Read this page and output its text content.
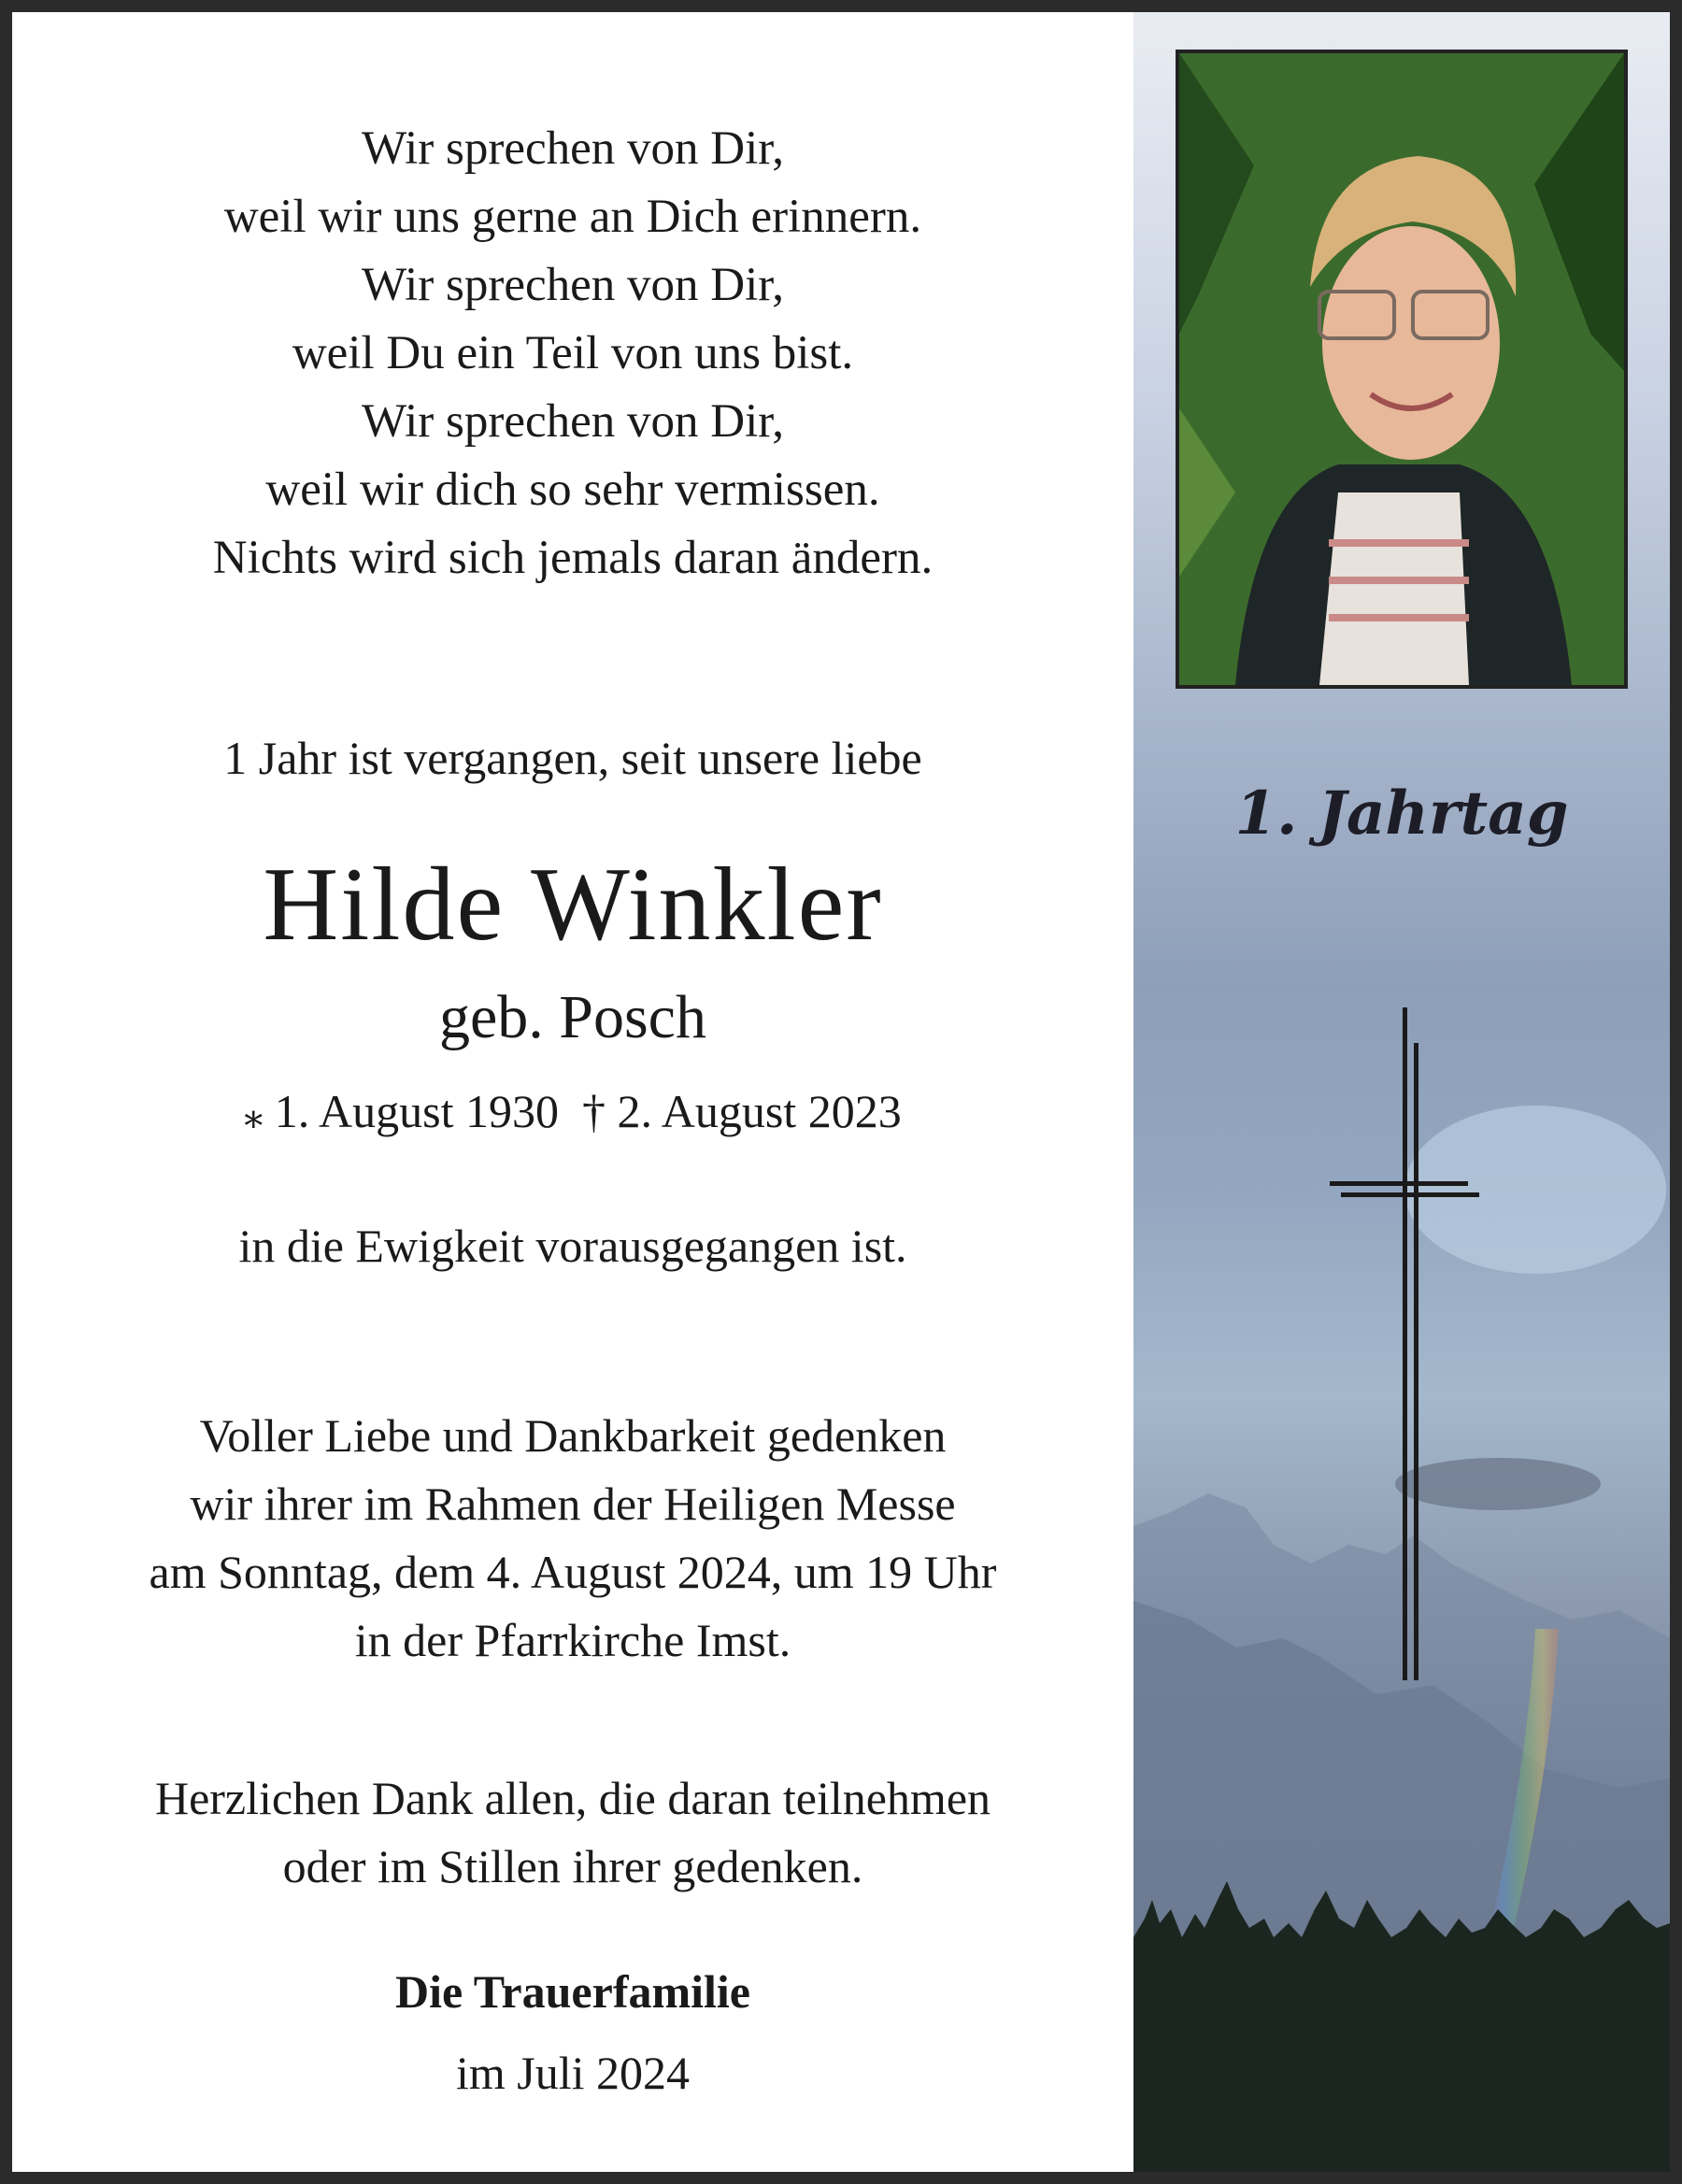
Wir sprechen von Dir,
weil wir uns gerne an Dich erinnern.
Wir sprechen von Dir,
weil Du ein Teil von uns bist.
Wir sprechen von Dir,
weil wir dich so sehr vermissen.
Nichts wird sich jemals daran ändern.
1 Jahr ist vergangen, seit unsere liebe
Hilde Winkler
geb. Posch
⁎ 1. August 1930 † 2. August 2023
in die Ewigkeit vorausgegangen ist.
Voller Liebe und Dankbarkeit gedenken
wir ihrer im Rahmen der Heiligen Messe
am Sonntag, dem 4. August 2024, um 19 Uhr
in der Pfarrkirche Imst.
Herzlichen Dank allen, die daran teilnehmen
oder im Stillen ihrer gedenken.
Die Trauerfamilie
im Juli 2024
1. Jahrtag
